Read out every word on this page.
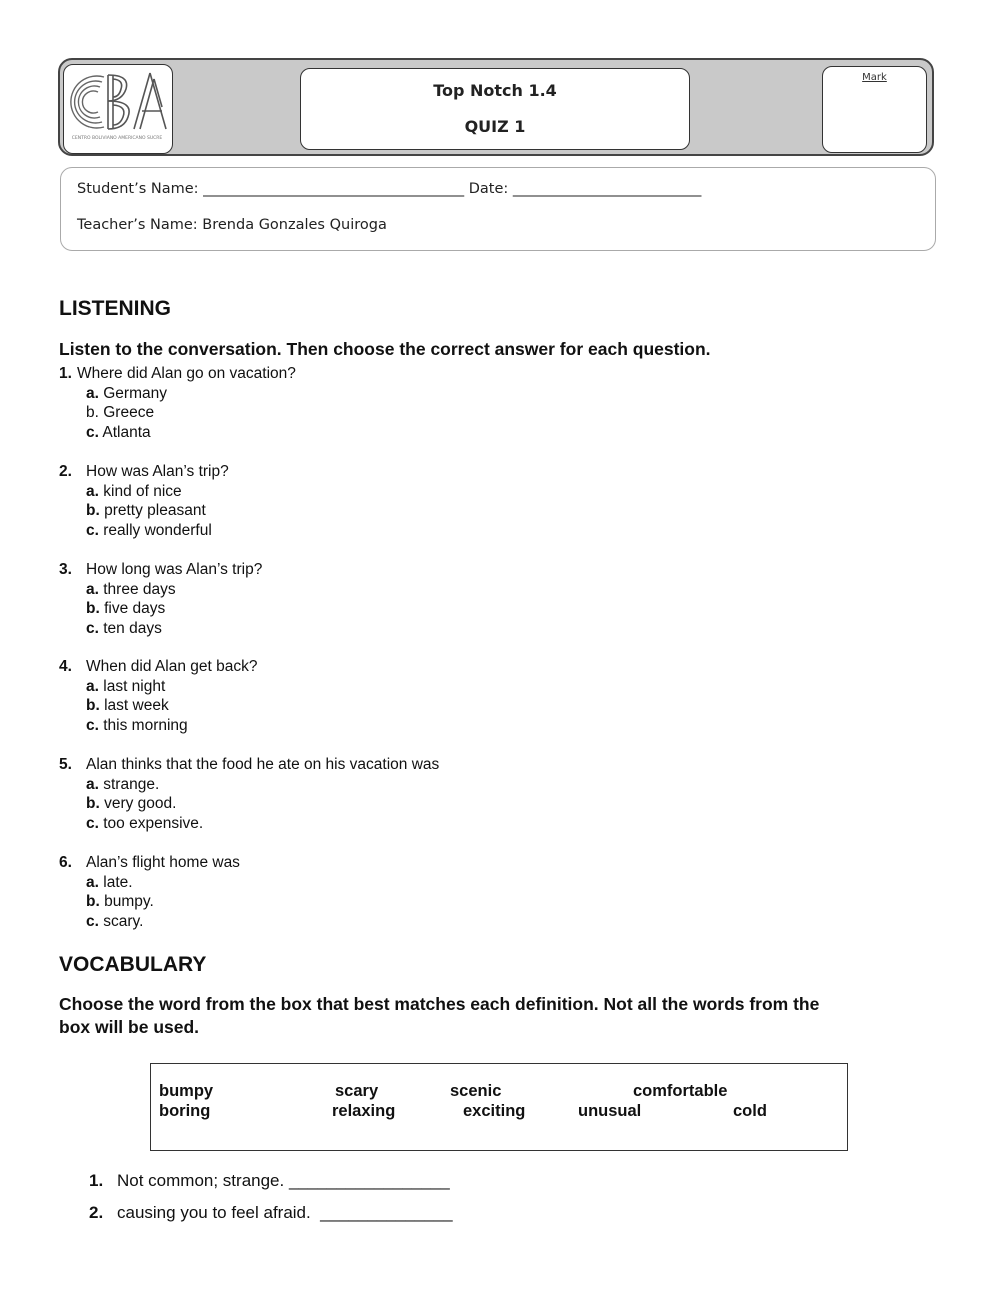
CENTRO BOLIVIANO AMERICANO SUCRE
Top Notch 1.4
QUIZ 1
Mark
Student’s Name: ____________________________________ Date: __________________________
Teacher’s Name: Brenda Gonzales Quiroga
LISTENING
Listen to the conversation. Then choose the correct answer for each question.
1. Where did Alan go on vacation?
a. Germany
b. Greece
c. Atlanta
2. How was Alan’s trip?
a. kind of nice
b. pretty pleasant
c. really wonderful
3. How long was Alan’s trip?
a. three days
b. five days
c. ten days
4. When did Alan get back?
a. last night
b. last week
c. this morning
5. Alan thinks that the food he ate on his vacation was
a. strange.
b. very good.
c. too expensive.
6. Alan’s flight home was
a. late.
b. bumpy.
c. scary.
VOCABULARY
Choose the word from the box that best matches each definition. Not all the words from the
box will be used.
bumpy	scary	scenic	comfortable
boring	relaxing	exciting	unusual	cold
1. Not common; strange. _________________
2. causing you to feel afraid.  ______________
